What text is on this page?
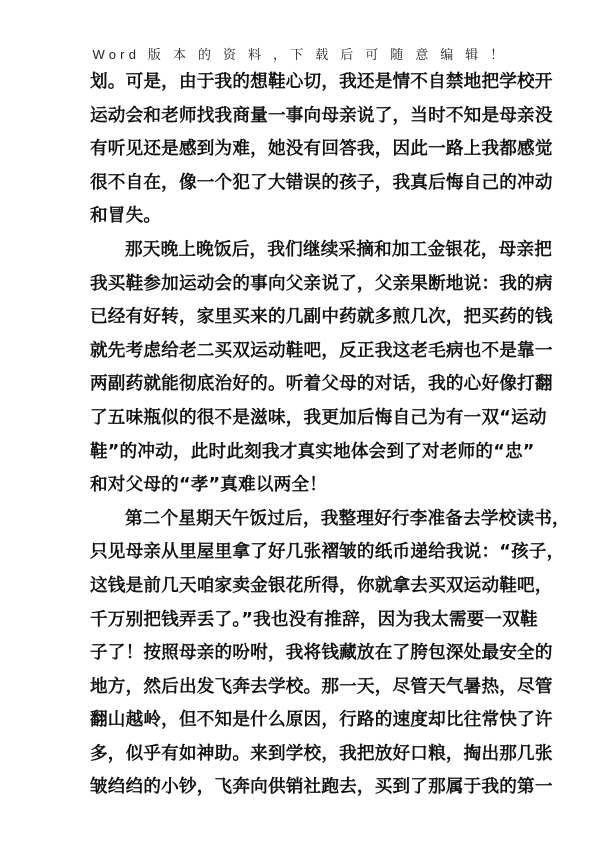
Word 版 本 的 资 料 ，下 载 后 可 随 意 编 辑 ！
划。可是，由于我的想鞋心切，我还是情不自禁地把学校开
运动会和老师找我商量一事向母亲说了，当时不知是母亲没
有听见还是感到为难，她没有回答我，因此一路上我都感觉
很不自在，像一个犯了大错误的孩子，我真后悔自己的冲动
和冒失。
那天晚上晚饭后，我们继续采摘和加工金银花，母亲把
我买鞋参加运动会的事向父亲说了，父亲果断地说：我的病
已经有好转，家里买来的几副中药就多煎几次，把买药的钱
就先考虑给老二买双运动鞋吧，反正我这老毛病也不是靠一
两副药就能彻底治好的。听着父母的对话，我的心好像打翻
了五味瓶似的很不是滋味，我更加后悔自己为有一双“运动
鞋”的冲动，此时此刻我才真实地体会到了对老师的“忠”
和对父母的“孝”真难以两全！
第二个星期天午饭过后，我整理好行李准备去学校读书，
只见母亲从里屋里拿了好几张褶皱的纸币递给我说：“孩子，
这钱是前几天咱家卖金银花所得，你就拿去买双运动鞋吧，
千万别把钱弄丢了。”我也没有推辞，因为我太需要一双鞋
子了！按照母亲的吩咐，我将钱藏放在了胯包深处最安全的
地方，然后出发飞奔去学校。那一天，尽管天气暑热，尽管
翻山越岭，但不知是什么原因，行路的速度却比往常快了许
多，似乎有如神助。来到学校，我把放好口粮，掏出那几张
皱绉绉的小钞，飞奔向供销社跑去，买到了那属于我的第一
